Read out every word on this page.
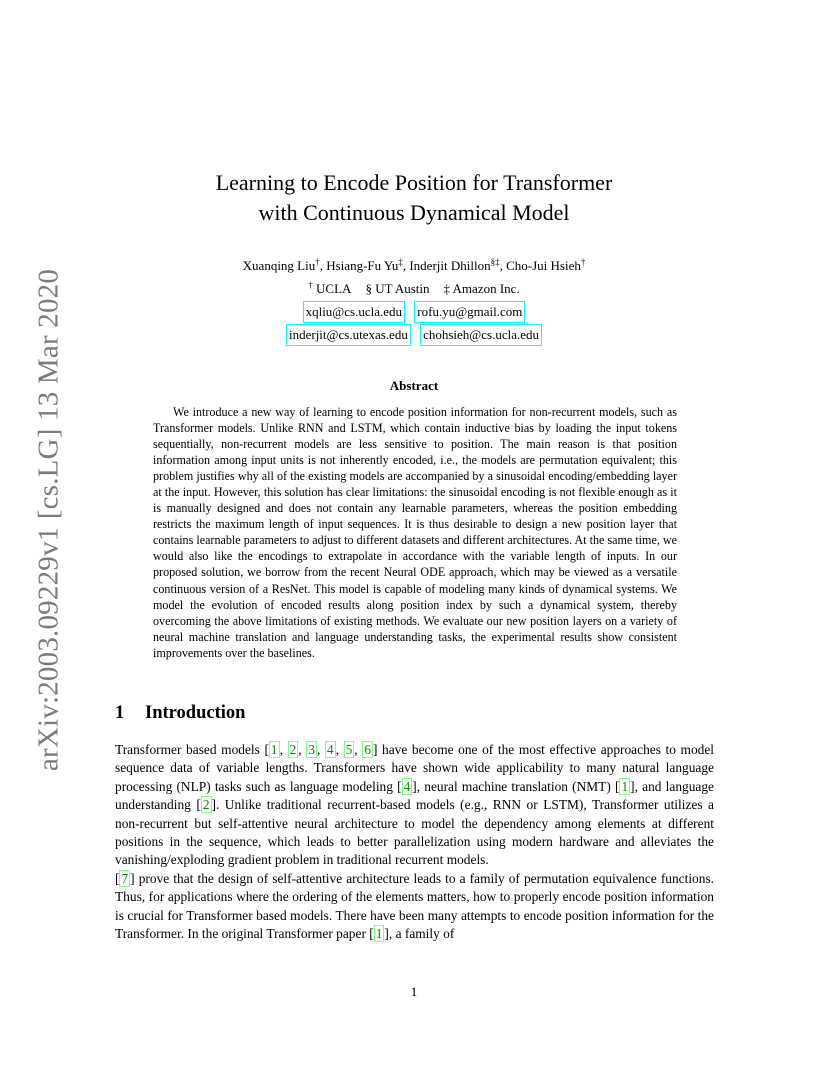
arXiv:2003.09229v1 [cs.LG] 13 Mar 2020
Learning to Encode Position for Transformer
with Continuous Dynamical Model
Xuanqing Liu†, Hsiang-Fu Yu‡, Inderjit Dhillon§‡, Cho-Jui Hsieh†
† UCLA § UT Austin ‡ Amazon Inc.
xqliu@cs.ucla.edu rofu.yu@gmail.com
inderjit@cs.utexas.edu chohsieh@cs.ucla.edu
Abstract

We introduce a new way of learning to encode position information for non-recurrent models, such as Transformer models. Unlike RNN and LSTM, which contain inductive bias by loading the input tokens sequentially, non-recurrent models are less sensitive to position. The main reason is that position information among input units is not inherently encoded, i.e., the models are permutation equivalent; this problem justifies why all of the existing models are accompanied by a sinusoidal encoding/embedding layer at the input. However, this solution has clear limitations: the sinusoidal encoding is not flexible enough as it is manually designed and does not contain any learnable parameters, whereas the position embedding restricts the maximum length of input sequences. It is thus desirable to design a new position layer that contains learnable parameters to adjust to different datasets and different architectures. At the same time, we would also like the encodings to extrapolate in accordance with the variable length of inputs. In our proposed solution, we borrow from the recent Neural ODE approach, which may be viewed as a versatile continuous version of a ResNet. This model is capable of modeling many kinds of dynamical systems. We model the evolution of encoded results along position index by such a dynamical system, thereby overcoming the above limitations of existing methods. We evaluate our new position layers on a variety of neural machine translation and language understanding tasks, the experimental results show consistent improvements over the baselines.

1 Introduction

Transformer based models [ 1 , 2 , 3 , 4 , 5 , 6 ] have become one of the most effective approaches to model sequence data of variable lengths. Transformers have shown wide applicability to many natural language processing (NLP) tasks such as language modeling [ 4 ], neural machine translation (NMT) [ 1 ], and language understanding [ 2 ]. Unlike traditional recurrent-based models (e.g., RNN or LSTM), Transformer utilizes a non-recurrent but self-attentive neural architecture to model the dependency among elements at different positions in the sequence, which leads to better parallelization using modern hardware and alleviates the vanishing/exploding gradient problem in traditional recurrent models.

[ 7 ] prove that the design of self-attentive architecture leads to a family of permutation equivalence functions. Thus, for applications where the ordering of the elements matters, how to properly encode position information is crucial for Transformer based models. There have been many attempts to encode position information for the Transformer. In the original Transformer paper [ 1 ], a family of

1
